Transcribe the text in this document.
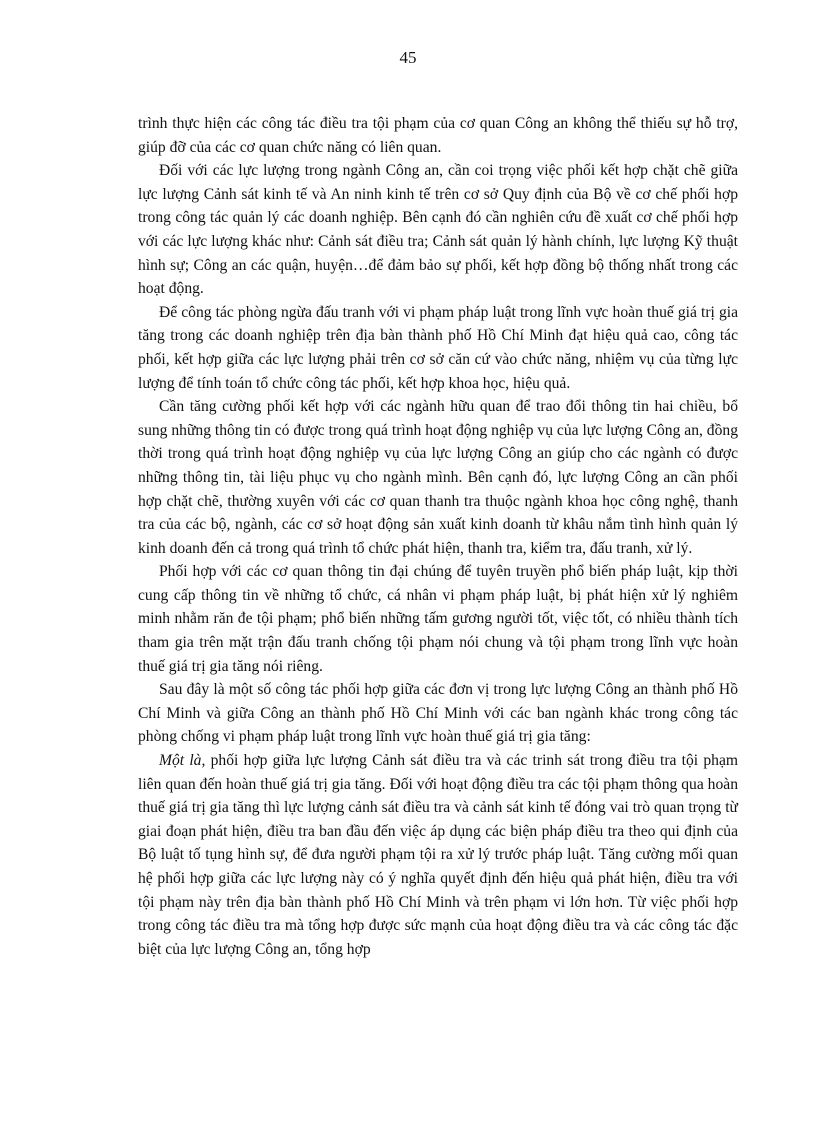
45

trình thực hiện các công tác điều tra tội phạm của cơ quan Công an không thể thiếu sự hỗ trợ, giúp đỡ của các cơ quan chức năng có liên quan.

Đối với các lực lượng trong ngành Công an, cần coi trọng việc phối kết hợp chặt chẽ giữa lực lượng Cảnh sát kinh tế và An ninh kinh tế trên cơ sở Quy định của Bộ về cơ chế phối hợp trong công tác quản lý các doanh nghiệp. Bên cạnh đó cần nghiên cứu đề xuất cơ chế phối hợp với các lực lượng khác như: Cảnh sát điều tra; Cảnh sát quản lý hành chính, lực lượng Kỹ thuật hình sự; Công an các quận, huyện…để đảm bảo sự phối, kết hợp đồng bộ thống nhất trong các hoạt động.

Để công tác phòng ngừa đấu tranh với vi phạm pháp luật trong lĩnh vực hoàn thuế giá trị gia tăng trong các doanh nghiệp trên địa bàn thành phố Hồ Chí Minh đạt hiệu quả cao, công tác phối, kết hợp giữa các lực lượng phải trên cơ sở căn cứ vào chức năng, nhiệm vụ của từng lực lượng để tính toán tổ chức công tác phối, kết hợp khoa học, hiệu quả.

Cần tăng cường phối kết hợp với các ngành hữu quan để trao đổi thông tin hai chiều, bổ sung những thông tin có được trong quá trình hoạt động nghiệp vụ của lực lượng Công an, đồng thời trong quá trình hoạt động nghiệp vụ của lực lượng Công an giúp cho các ngành có được những thông tin, tài liệu phục vụ cho ngành mình. Bên cạnh đó, lực lượng Công an cần phối hợp chặt chẽ, thường xuyên với các cơ quan thanh tra thuộc ngành khoa học công nghệ, thanh tra của các bộ, ngành, các cơ sở hoạt động sản xuất kinh doanh từ khâu nắm tình hình quản lý kinh doanh đến cả trong quá trình tổ chức phát hiện, thanh tra, kiểm tra, đấu tranh, xử lý.

Phối hợp với các cơ quan thông tin đại chúng để tuyên truyền phổ biến pháp luật, kịp thời cung cấp thông tin về những tổ chức, cá nhân vi phạm pháp luật, bị phát hiện xử lý nghiêm minh nhằm răn đe tội phạm; phổ biến những tấm gương người tốt, việc tốt, có nhiều thành tích tham gia trên mặt trận đấu tranh chống tội phạm nói chung và tội phạm trong lĩnh vực hoàn thuế giá trị gia tăng nói riêng.

Sau đây là một số công tác phối hợp giữa các đơn vị trong lực lượng Công an thành phố Hồ Chí Minh và giữa Công an thành phố Hồ Chí Minh với các ban ngành khác trong công tác phòng chống vi phạm pháp luật trong lĩnh vực hoàn thuế giá trị gia tăng:

Một là, phối hợp giữa lực lượng Cảnh sát điều tra và các trinh sát trong điều tra tội phạm liên quan đến hoàn thuế giá trị gia tăng. Đối với hoạt động điều tra các tội phạm thông qua hoàn thuế giá trị gia tăng thì lực lượng cảnh sát điều tra và cảnh sát kinh tế đóng vai trò quan trọng từ giai đoạn phát hiện, điều tra ban đầu đến việc áp dụng các biện pháp điều tra theo qui định của Bộ luật tố tụng hình sự, để đưa người phạm tội ra xử lý trước pháp luật. Tăng cường mối quan hệ phối hợp giữa các lực lượng này có ý nghĩa quyết định đến hiệu quả phát hiện, điều tra với tội phạm này trên địa bàn thành phố Hồ Chí Minh và trên phạm vi lớn hơn. Từ việc phối hợp trong công tác điều tra mà tổng hợp được sức mạnh của hoạt động điều tra và các công tác đặc biệt của lực lượng Công an, tổng hợp
